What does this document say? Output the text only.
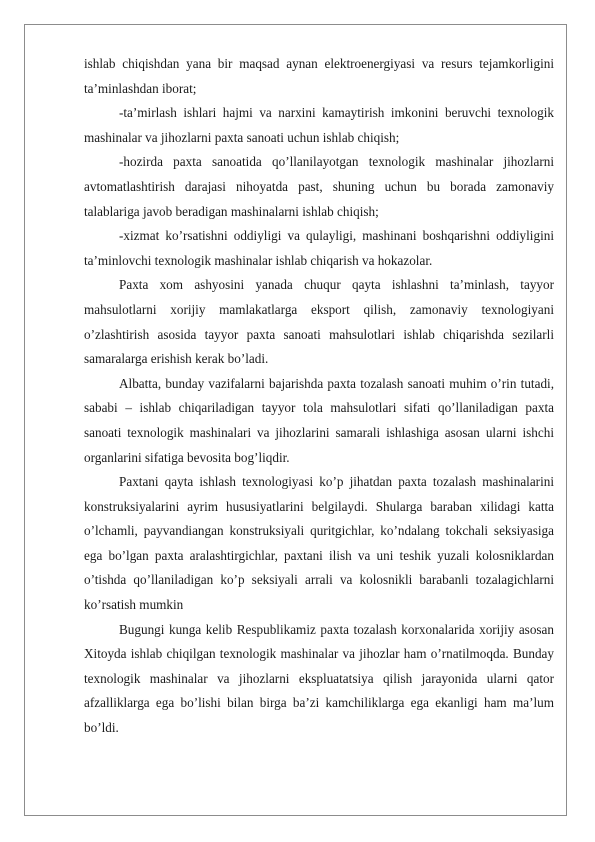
ishlab chiqishdan yana bir maqsad aynan elektroenergiyasi va resurs tejamkorligini ta’minlashdan iborat;

-ta’mirlash ishlari hajmi va narxini kamaytirish imkonini beruvchi texnologik mashinalar va jihozlarni paxta sanoati uchun ishlab chiqish;

-hozirda paxta sanoatida qo’llanilayotgan texnologik mashinalar jihozlarni avtomatlashtirish darajasi nihoyatda past, shuning uchun bu borada zamonaviy talablariga javob beradigan mashinalarni ishlab chiqish;

-xizmat ko’rsatishni oddiyligi va qulayligi, mashinani boshqarishni oddiyligini ta’minlovchi texnologik mashinalar ishlab chiqarish va hokazolar.

Paxta xom ashyosini yanada chuqur qayta ishlashni ta’minlash, tayyor mahsulotlarni xorijiy mamlakatlarga eksport qilish, zamonaviy texnologiyani o’zlashtirish asosida tayyor paxta sanoati mahsulotlari ishlab chiqarishda sezilarli samaralarga erishish kerak bo’ladi.

Albatta, bunday vazifalarni bajarishda paxta tozalash sanoati muhim o’rin tutadi, sababi – ishlab chiqariladigan tayyor tola mahsulotlari sifati qo’llaniladigan paxta sanoati texnologik mashinalari va jihozlarini samarali ishlashiga asosan ularni ishchi organlarini sifatiga bevosita bog’liqdir.

Paxtani qayta ishlash texnologiyasi ko’p jihatdan paxta tozalash mashinalarini konstruksiyalarini ayrim hususiyatlarini belgilaydi. Shularga baraban xilidagi katta o’lchamli, payvandiangan konstruksiyali quritgichlar, ko’ndalang tokchali seksiyasiga ega bo’lgan paxta aralashtirgichlar, paxtani ilish va uni teshik yuzali kolosniklardan o’tishda qo’llaniladigan ko’p seksiyali arrali va kolosnikli barabanli tozalagichlarni ko’rsatish mumkin

Bugungi kunga kelib Respublikamiz paxta tozalash korxonalarida xorijiy asosan Xitoyda ishlab chiqilgan texnologik mashinalar va jihozlar ham o’rnatilmoqda. Bunday texnologik mashinalar va jihozlarni ekspluatatsiya qilish jarayonida ularni qator afzalliklarga ega bo’lishi bilan birga ba’zi kamchiliklarga ega ekanligi ham ma’lum bo’ldi.
